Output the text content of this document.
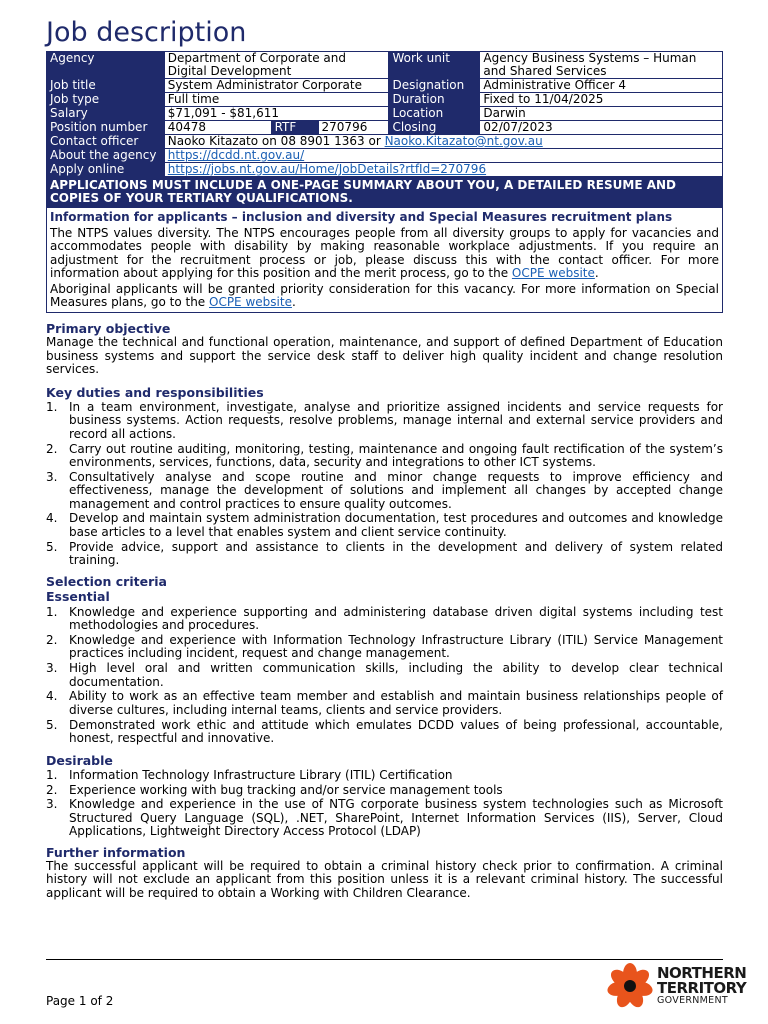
Job description
Agency	Department of Corporate and Digital Development			Work unit	Agency Business Systems – Human and Shared Services
Job title	System Administrator Corporate			Designation	Administrative Officer 4
Job type	Full time			Duration	Fixed to 11/04/2025
Salary	$71,091 - $81,611			Location	Darwin
Position number	40478	RTF	270796	Closing	02/07/2023
Contact officer	Naoko Kitazato on 08 8901 1363 or Naoko.Kitazato@nt.gov.au				
About the agency	https://dcdd.nt.gov.au/				
Apply online	https://jobs.nt.gov.au/Home/JobDetails?rtfId=270796				
APPLICATIONS MUST INCLUDE A ONE-PAGE SUMMARY ABOUT YOU, A DETAILED RESUME AND COPIES OF YOUR TERTIARY QUALIFICATIONS.
Information for applicants – inclusion and diversity and Special Measures recruitment plans

The NTPS values diversity. The NTPS encourages people from all diversity groups to apply for vacancies and accommodates people with disability by making reasonable workplace adjustments. If you require an adjustment for the recruitment process or job, please discuss this with the contact officer. For more information about applying for this position and the merit process, go to the OCPE website.

Aboriginal applicants will be granted priority consideration for this vacancy. For more information on Special Measures plans, go to the OCPE website.

Primary objective

Manage the technical and functional operation, maintenance, and support of defined Department of Education business systems and support the service desk staff to deliver high quality incident and change resolution services.

Key duties and responsibilities
1. In a team environment, investigate, analyse and prioritize assigned incidents and service requests for business systems. Action requests, resolve problems, manage internal and external service providers and record all actions.
2. Carry out routine auditing, monitoring, testing, maintenance and ongoing fault rectification of the system’s environments, services, functions, data, security and integrations to other ICT systems.
3. Consultatively analyse and scope routine and minor change requests to improve efficiency and effectiveness, manage the development of solutions and implement all changes by accepted change management and control practices to ensure quality outcomes.
4. Develop and maintain system administration documentation, test procedures and outcomes and knowledge base articles to a level that enables system and client service continuity.
5. Provide advice, support and assistance to clients in the development and delivery of system related training.
Selection criteria
Essential
1. Knowledge and experience supporting and administering database driven digital systems including test methodologies and procedures.
2. Knowledge and experience with Information Technology Infrastructure Library (ITIL) Service Management practices including incident, request and change management.
3. High level oral and written communication skills, including the ability to develop clear technical documentation.
4. Ability to work as an effective team member and establish and maintain business relationships people of diverse cultures, including internal teams, clients and service providers.
5. Demonstrated work ethic and attitude which emulates DCDD values of being professional, accountable, honest, respectful and innovative.
Desirable
1. Information Technology Infrastructure Library (ITIL) Certification
2. Experience working with bug tracking and/or service management tools
3. Knowledge and experience in the use of NTG corporate business system technologies such as Microsoft Structured Query Language (SQL), .NET, SharePoint, Internet Information Services (IIS), Server, Cloud Applications, Lightweight Directory Access Protocol (LDAP)
Further information

The successful applicant will be required to obtain a criminal history check prior to confirmation. A criminal history will not exclude an applicant from this position unless it is a relevant criminal history. The successful applicant will be required to obtain a Working with Children Clearance.

Page 1 of 2
NORTHERN
TERRITORY
GOVERNMENT
